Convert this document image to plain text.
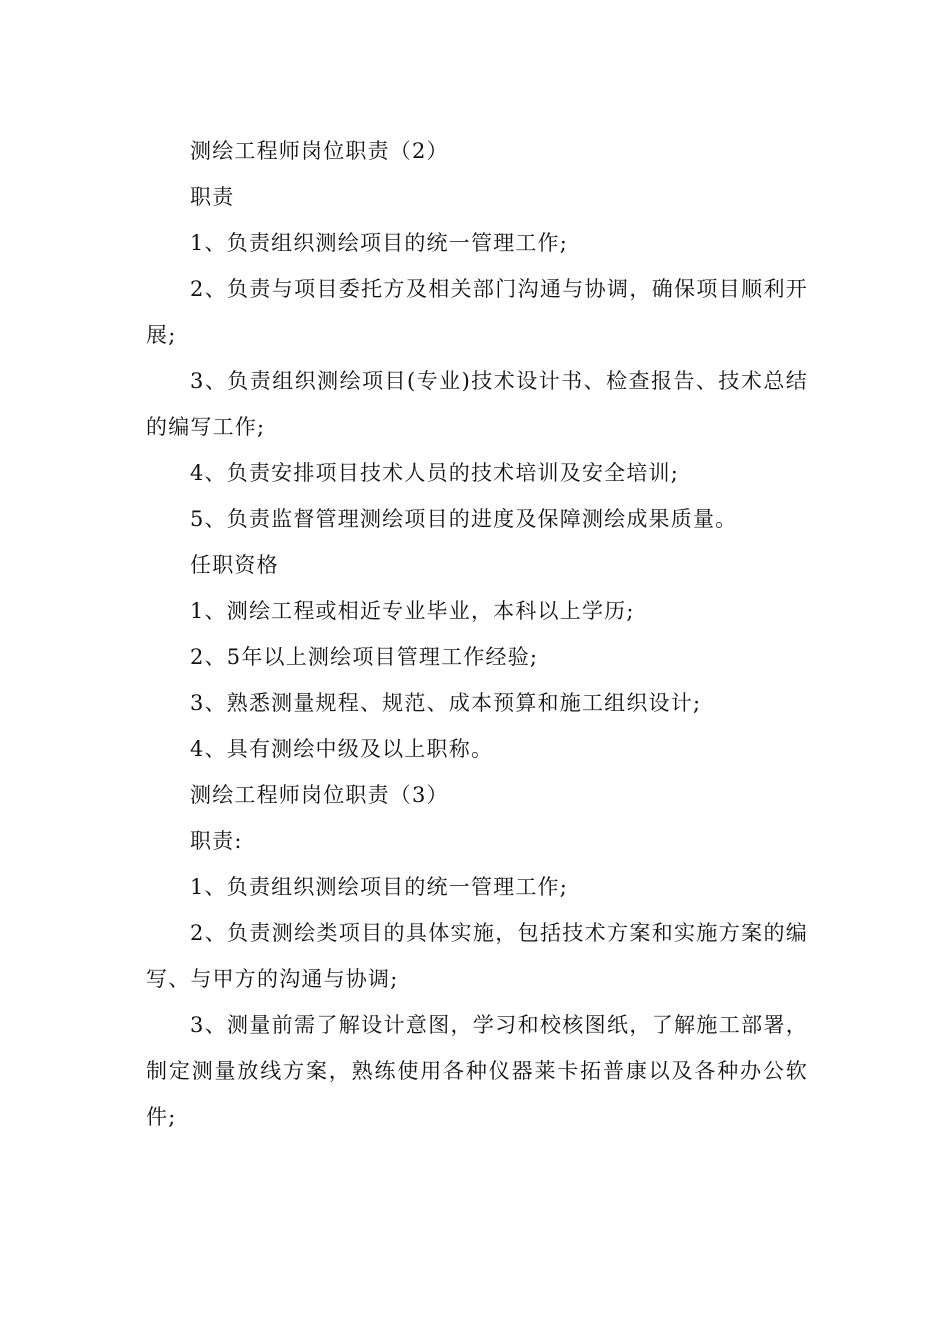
测绘工程师岗位职责（2）

职责

1、负责组织测绘项目的统一管理工作;

2、负责与项目委托方及相关部门沟通与协调，确保项目顺利开展;

3、负责组织测绘项目(专业)技术设计书、检查报告、技术总结的编写工作;

4、负责安排项目技术人员的技术培训及安全培训;

5、负责监督管理测绘项目的进度及保障测绘成果质量。

任职资格

1、测绘工程或相近专业毕业，本科以上学历;

2、5年以上测绘项目管理工作经验;

3、熟悉测量规程、规范、成本预算和施工组织设计;

4、具有测绘中级及以上职称。

测绘工程师岗位职责（3）

职责:

1、负责组织测绘项目的统一管理工作;

2、负责测绘类项目的具体实施，包括技术方案和实施方案的编写、与甲方的沟通与协调;

3、测量前需了解设计意图，学习和校核图纸，了解施工部署，制定测量放线方案，熟练使用各种仪器莱卡拓普康以及各种办公软件;
